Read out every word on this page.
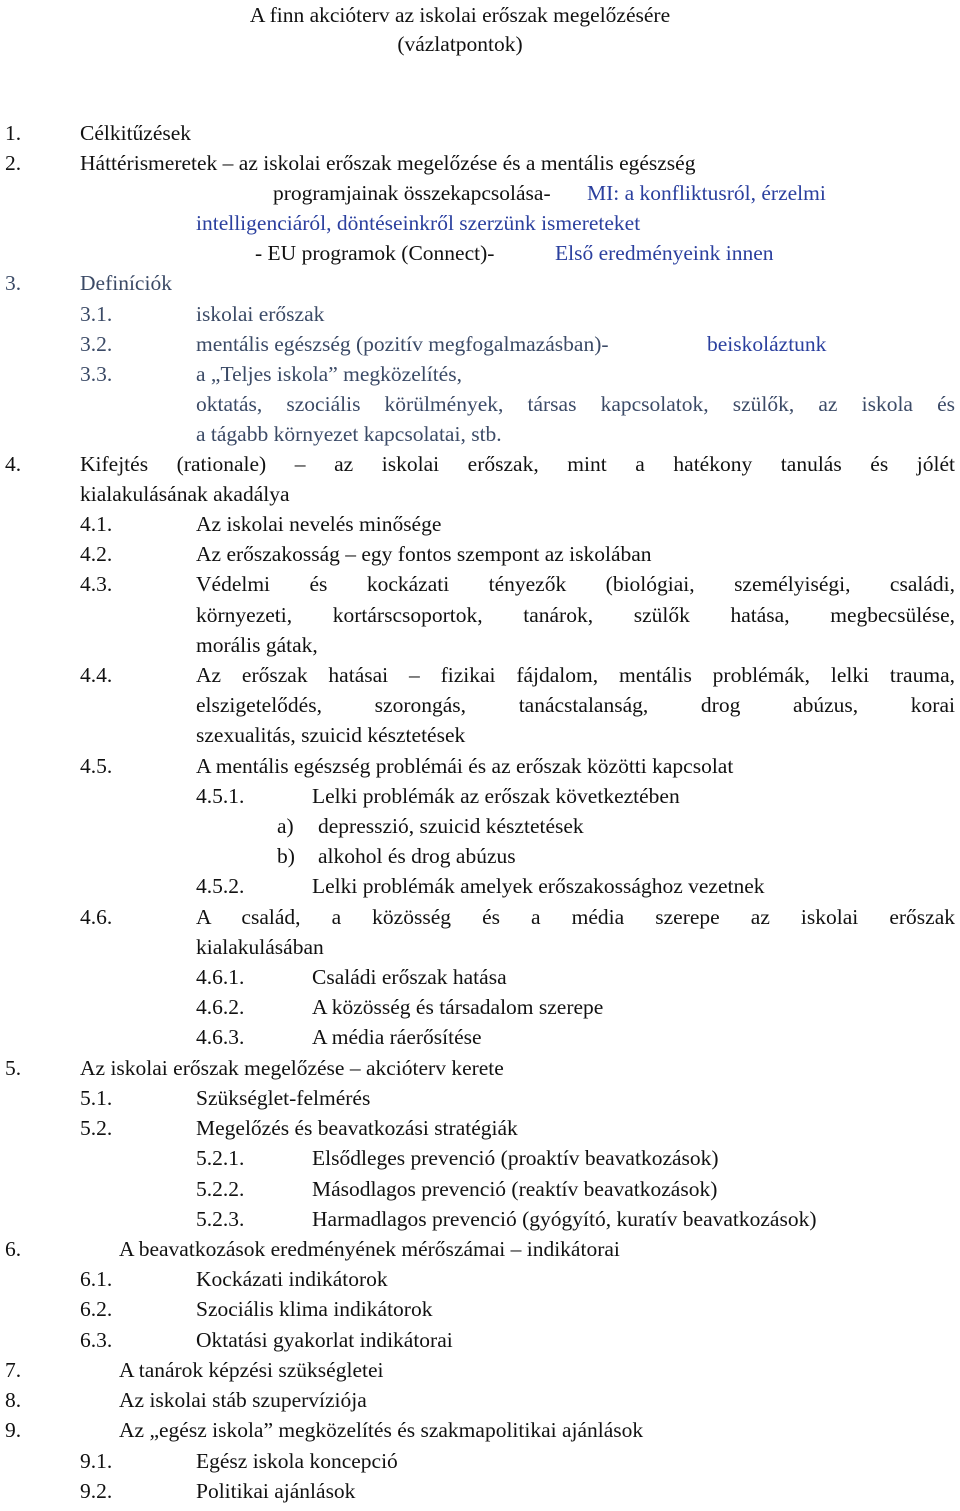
A finn akcióterv az iskolai erőszak megelőzésére
(vázlatpontok)
1.	Célkitűzések
2.	Háttérismeretek – az iskolai erőszak megelőzése és a mentális egészség
programjainak összekapcsolása- MI: a konfliktusról, érzelmi
intelligenciáról, döntéseinkről szerzünk ismereteket
- EU programok (Connect)-	Első eredményeink innen
3.	Definíciók
3.1.	iskolai erőszak
3.2.	mentális egészség (pozitív megfogalmazásban)-	beiskoláztunk
3.3.	a „Teljes iskola” megközelítés,
oktatás, szociális körülmények, társas kapcsolatok, szülők, az iskola és
a tágabb környezet kapcsolatai, stb.
4.	Kifejtés (rationale) – az iskolai erőszak, mint a hatékony tanulás és jólét
kialakulásának akadálya
4.1.	Az iskolai nevelés minősége
4.2.	Az erőszakosság – egy fontos szempont az iskolában
4.3.	Védelmi és kockázati tényezők (biológiai, személyiségi, családi,
környezeti, kortárscsoportok, tanárok, szülők hatása, megbecsülése,
morális gátak,
4.4.	Az erőszak hatásai – fizikai fájdalom, mentális problémák, lelki trauma,
elszigetelődés, szorongás, tanácstalanság, drog abúzus, korai
szexualitás, szuicid késztetések
4.5.	A mentális egészség problémái és az erőszak közötti kapcsolat
4.5.1.	Lelki problémák az erőszak következtében
a) depresszió, szuicid késztetések
b) alkohol és drog abúzus
4.5.2.	Lelki problémák amelyek erőszakossághoz vezetnek
4.6.	A család, a közösség és a média szerepe az iskolai erőszak
kialakulásában
4.6.1.	Családi erőszak hatása
4.6.2.	A közösség és társadalom szerepe
4.6.3.	A média ráerősítése
5.	Az iskolai erőszak megelőzése – akcióterv kerete
5.1.	Szükséglet-felmérés
5.2.	Megelőzés és beavatkozási stratégiák
5.2.1.	Elsődleges prevenció (proaktív beavatkozások)
5.2.2.	Másodlagos prevenció (reaktív beavatkozások)
5.2.3.	Harmadlagos prevenció (gyógyító, kuratív beavatkozások)
6.	A beavatkozások eredményének mérőszámai – indikátorai
6.1.	Kockázati indikátorok
6.2.	Szociális klima indikátorok
6.3.	Oktatási gyakorlat indikátorai
7.	A tanárok képzési szükségletei
8.	Az iskolai stáb szupervíziója
9.	Az „egész iskola” megközelítés és szakmapolitikai ajánlások
9.1.	Egész iskola koncepció
9.2.	Politikai ajánlások
